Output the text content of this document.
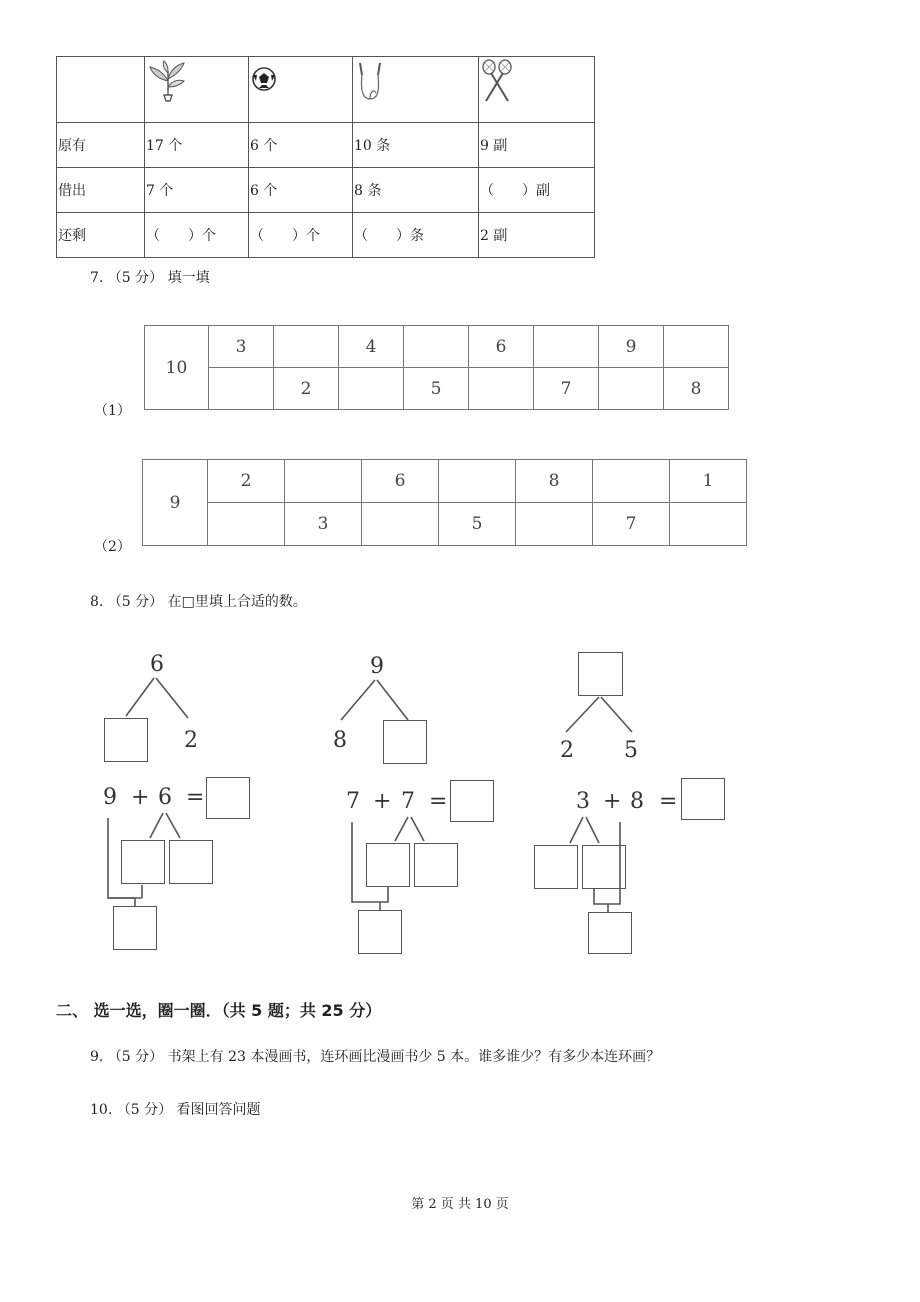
原有	17 个	6 个	10 条	9 副
借出	7 个	6 个	8 条	（　　）副
还剩	（　　）个	（　　）个	（　　）条	2 副
7. （5 分） 填一填
（1）
10	3		4		6		9	
		2		5		7		8
（2）
9	2		6		8		1
		3		5		7	
8. （5 分） 在□里填上合适的数。
6
2
9
8	2 5
9 + 6 =	7 + 7 =	3 + 8 =
二、 选一选，圈一圈．（共 5 题；共 25 分）
9. （5 分） 书架上有 23 本漫画书，连环画比漫画书少 5 本。谁多谁少？有多少本连环画？
10. （5 分） 看图回答问题
第 2 页 共 10 页
